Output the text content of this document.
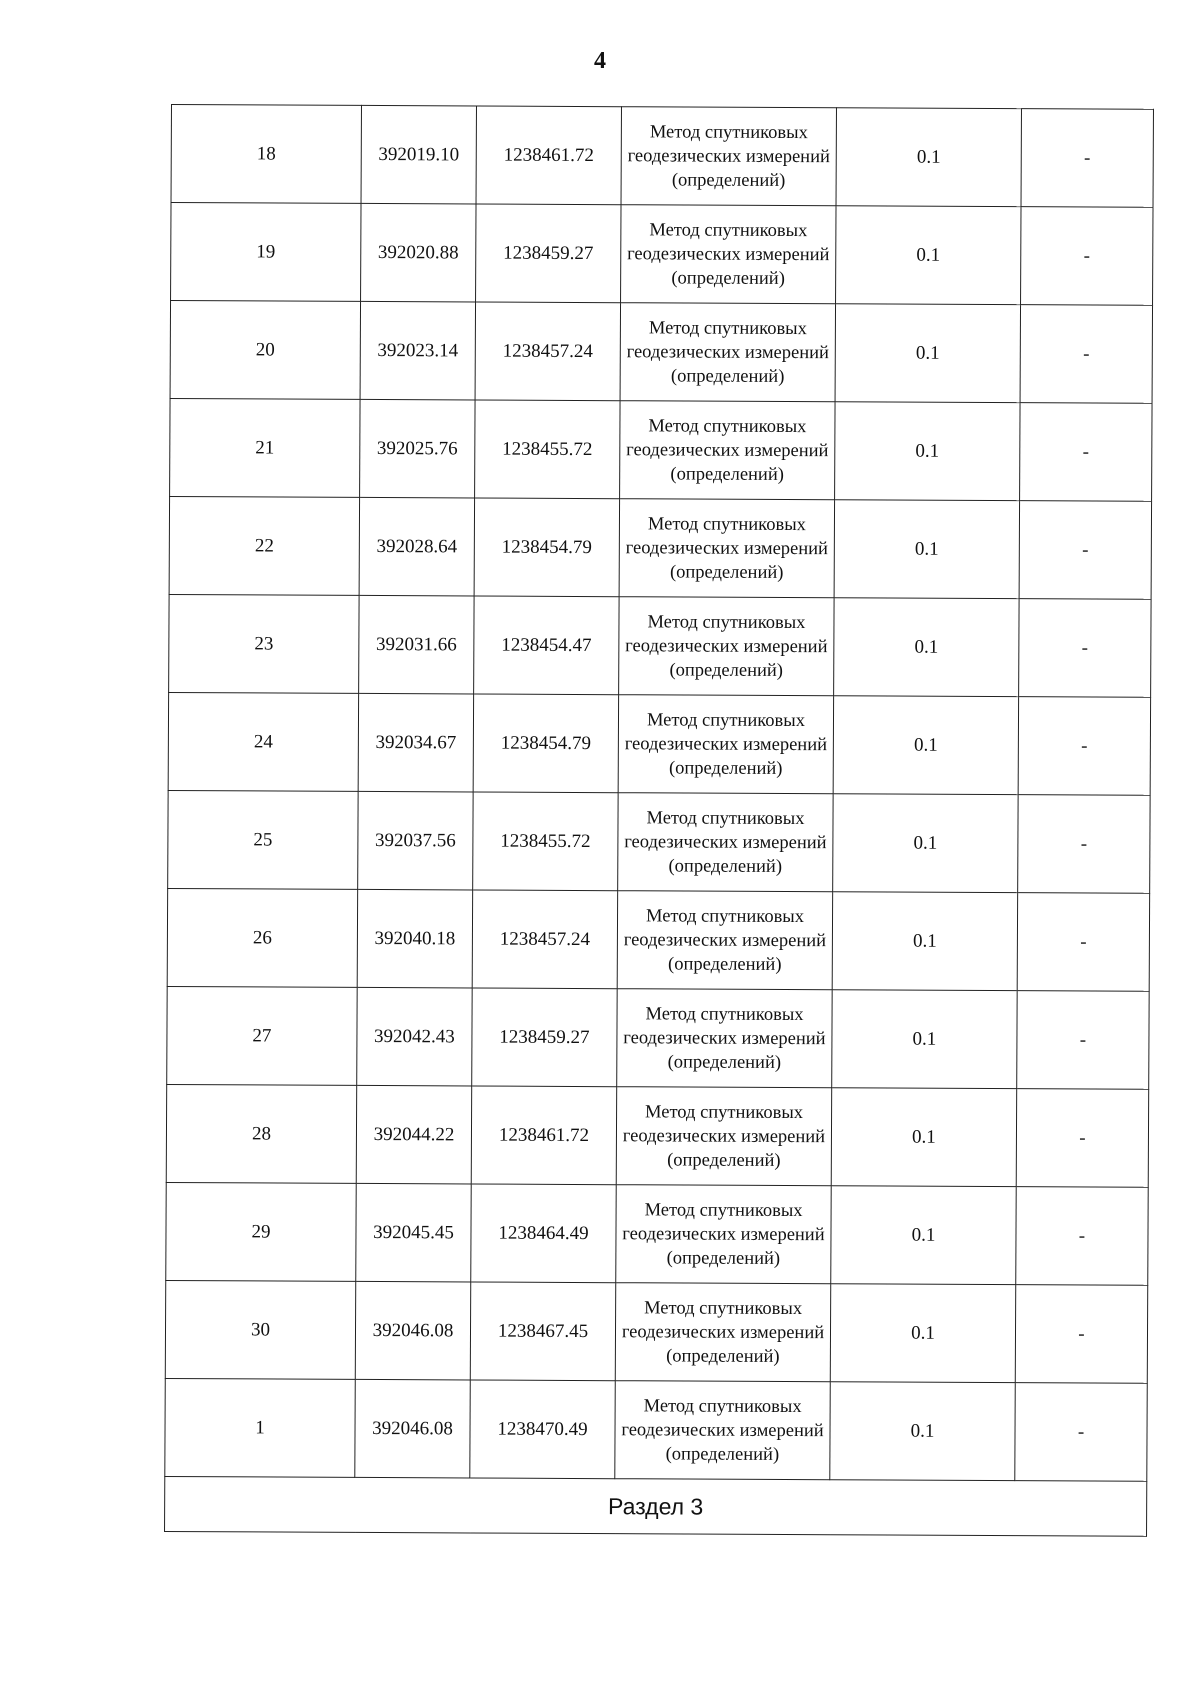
4
18	392019.10	1238461.72	Метод спутниковых геодезических измерений (определений)	0.1	-
19	392020.88	1238459.27	Метод спутниковых геодезических измерений (определений)	0.1	-
20	392023.14	1238457.24	Метод спутниковых геодезических измерений (определений)	0.1	-
21	392025.76	1238455.72	Метод спутниковых геодезических измерений (определений)	0.1	-
22	392028.64	1238454.79	Метод спутниковых геодезических измерений (определений)	0.1	-
23	392031.66	1238454.47	Метод спутниковых геодезических измерений (определений)	0.1	-
24	392034.67	1238454.79	Метод спутниковых геодезических измерений (определений)	0.1	-
25	392037.56	1238455.72	Метод спутниковых геодезических измерений (определений)	0.1	-
26	392040.18	1238457.24	Метод спутниковых геодезических измерений (определений)	0.1	-
27	392042.43	1238459.27	Метод спутниковых геодезических измерений (определений)	0.1	-
28	392044.22	1238461.72	Метод спутниковых геодезических измерений (определений)	0.1	-
29	392045.45	1238464.49	Метод спутниковых геодезических измерений (определений)	0.1	-
30	392046.08	1238467.45	Метод спутниковых геодезических измерений (определений)	0.1	-
1	392046.08	1238470.49	Метод спутниковых геодезических измерений (определений)	0.1	-
Раздел 3					
